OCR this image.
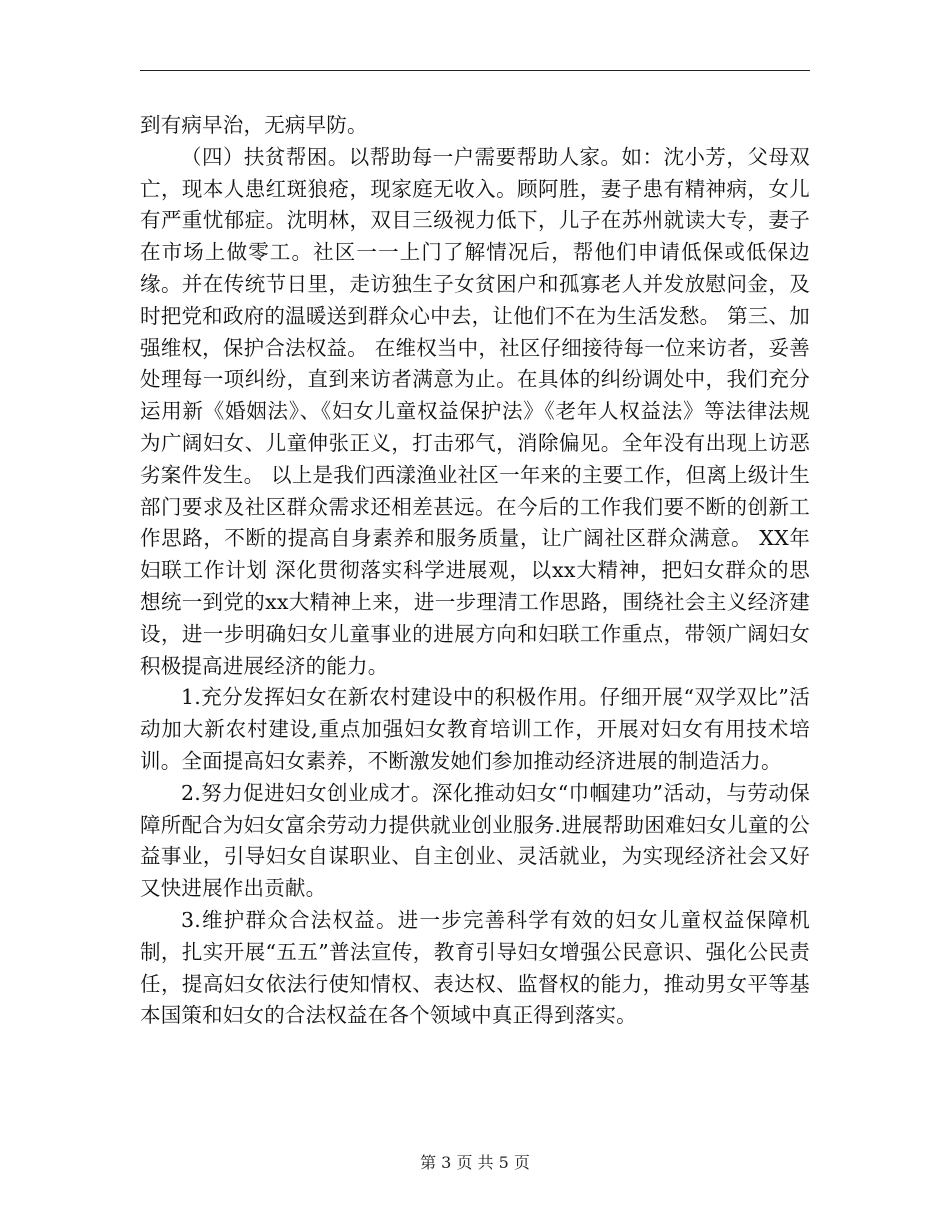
到有病早治，无病早防。

（四）扶贫帮困。以帮助每一户需要帮助人家。如：沈小芳，父母双亡，现本人患红斑狼疮，现家庭无收入。顾阿胜，妻子患有精神病，女儿有严重忧郁症。沈明林，双目三级视力低下，儿子在苏州就读大专，妻子在市场上做零工。社区一一上门了解情况后，帮他们申请低保或低保边缘。并在传统节日里，走访独生子女贫困户和孤寡老人并发放慰问金，及时把党和政府的温暖送到群众心中去，让他们不在为生活发愁。 第三、加强维权，保护合法权益。 在维权当中，社区仔细接待每一位来访者，妥善处理每一项纠纷，直到来访者满意为止。在具体的纠纷调处中，我们充分运用新《婚姻法》、《妇女儿童权益保护法》《老年人权益法》等法律法规为广阔妇女、儿童伸张正义，打击邪气，消除偏见。全年没有出现上访恶劣案件发生。 以上是我们西漾渔业社区一年来的主要工作，但离上级计生部门要求及社区群众需求还相差甚远。在今后的工作我们要不断的创新工作思路，不断的提高自身素养和服务质量，让广阔社区群众满意。 XX年妇联工作计划 深化贯彻落实科学进展观，以xx大精神，把妇女群众的思想统一到党的xx大精神上来，进一步理清工作思路，围绕社会主义经济建设，进一步明确妇女儿童事业的进展方向和妇联工作重点，带领广阔妇女积极提高进展经济的能力。

1.充分发挥妇女在新农村建设中的积极作用。仔细开展“双学双比”活动加大新农村建设,重点加强妇女教育培训工作，开展对妇女有用技术培训。全面提高妇女素养，不断激发她们参加推动经济进展的制造活力。

2.努力促进妇女创业成才。深化推动妇女“巾帼建功”活动，与劳动保障所配合为妇女富余劳动力提供就业创业服务.进展帮助困难妇女儿童的公益事业，引导妇女自谋职业、自主创业、灵活就业，为实现经济社会又好又快进展作出贡献。

3.维护群众合法权益。进一步完善科学有效的妇女儿童权益保障机制，扎实开展“五五”普法宣传，教育引导妇女增强公民意识、强化公民责任，提高妇女依法行使知情权、表达权、监督权的能力，推动男女平等基本国策和妇女的合法权益在各个领域中真正得到落实。

第 3 页 共 5 页
